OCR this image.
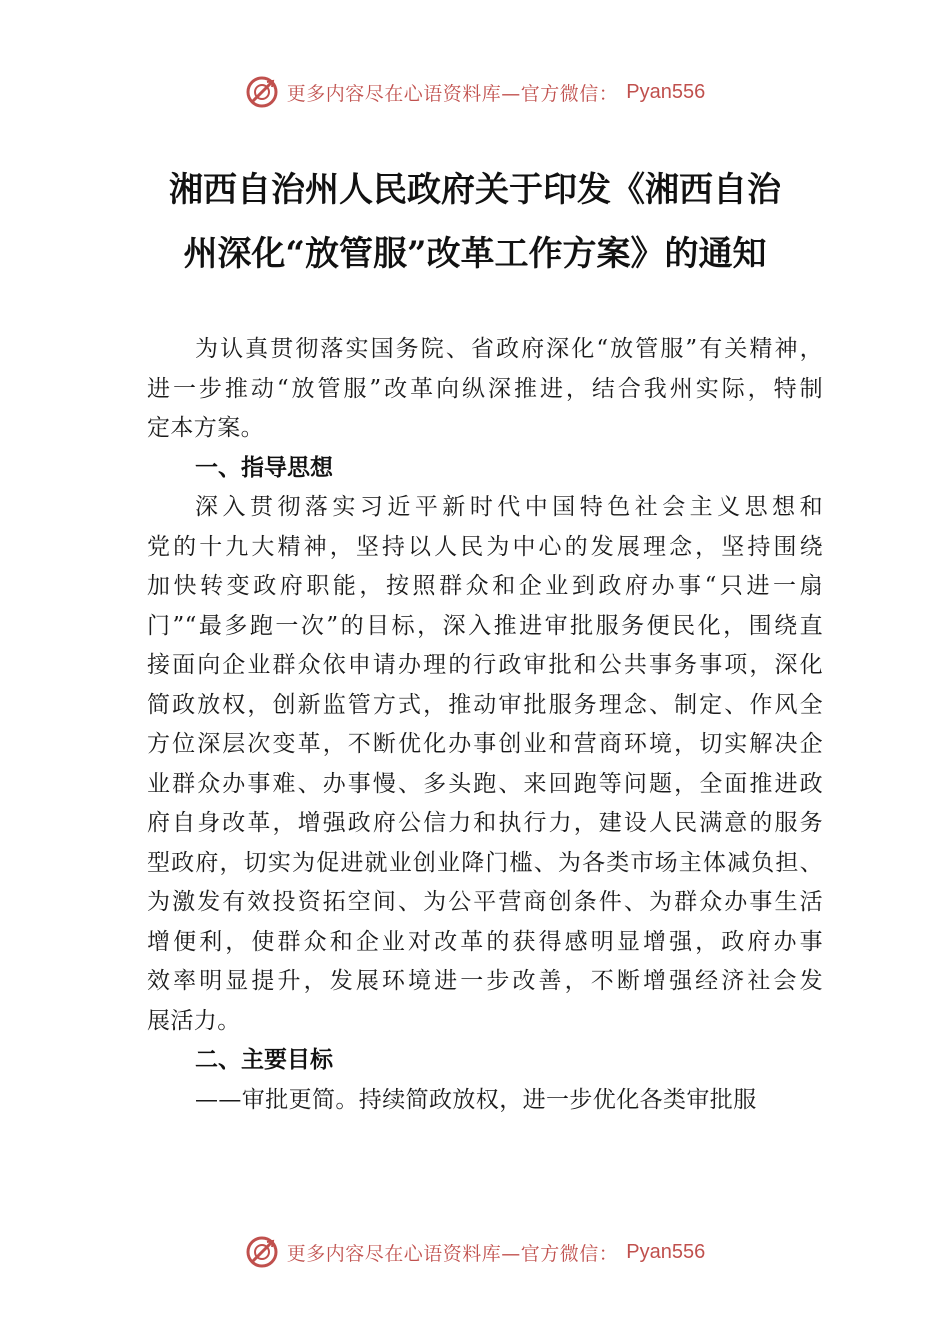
更多内容尽在心语资料库—官方微信： Pyan556
湘西自治州人民政府关于印发《湘西自治
州深化“放管服”改革工作方案》的通知
为认真贯彻落实国务院、省政府深化“放管服”有关精神，
进一步推动“放管服”改革向纵深推进，结合我州实际，特制
定本方案。
一、指导思想
深入贯彻落实习近平新时代中国特色社会主义思想和
党的十九大精神，坚持以人民为中心的发展理念，坚持围绕
加快转变政府职能，按照群众和企业到政府办事“只进一扇
门”“最多跑一次”的目标，深入推进审批服务便民化，围绕直
接面向企业群众依申请办理的行政审批和公共事务事项，深化
简政放权，创新监管方式，推动审批服务理念、制定、作风全
方位深层次变革，不断优化办事创业和营商环境，切实解决企
业群众办事难、办事慢、多头跑、来回跑等问题，全面推进政
府自身改革，增强政府公信力和执行力，建设人民满意的服务
型政府，切实为促进就业创业降门槛、为各类市场主体减负担、
为激发有效投资拓空间、为公平营商创条件、为群众办事生活
增便利，使群众和企业对改革的获得感明显增强，政府办事
效率明显提升，发展环境进一步改善，不断增强经济社会发
展活力。
二、主要目标
——审批更简。持续简政放权，进一步优化各类审批服
更多内容尽在心语资料库—官方微信： Pyan556
